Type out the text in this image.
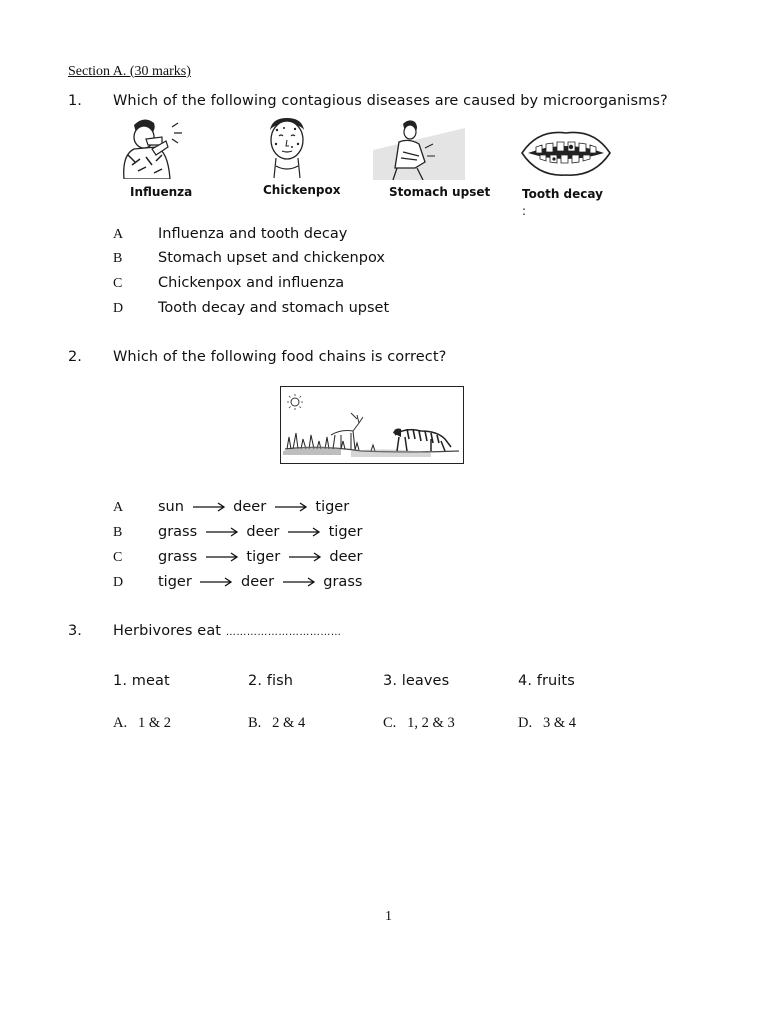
Section A. (30 marks)
1. Which of the following contagious diseases are caused by microorganisms?
Influenza	Chickenpox	Stomach upset	Tooth decay
:
A Influenza and tooth decay
B Stomach upset and chickenpox
C Chickenpox and influenza
D Tooth decay and stomach upset
2. Which of the following food chains is correct?
A sun	deer	tiger
B grass	deer	tiger
C grass	tiger	deer
D tiger	deer	grass
3. Herbivores eat ……………………………
1. meat	2. fish	3. leaves	4. fruits
A.   1 & 2	B.   2 & 4	C.   1, 2 & 3	D.   3 & 4
1
